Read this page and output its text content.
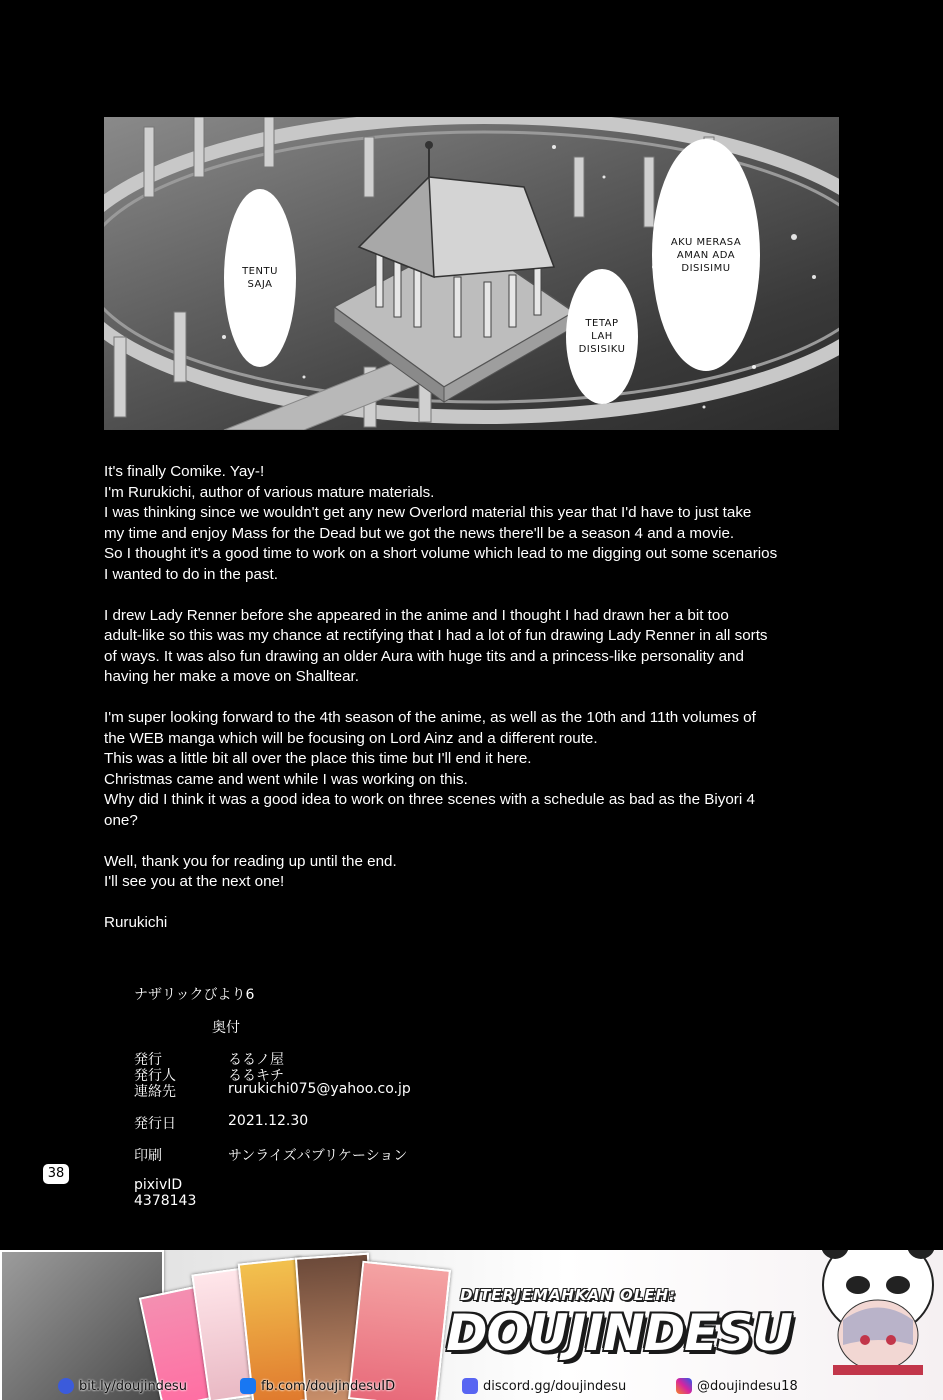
TENTU
SAJA
TETAP
LAH
DISISIKU
AKU MERASA
AMAN ADA
DISISIMU

It's finally Comike. Yay-!

I'm Rurukichi, author of various mature materials.

I was thinking since we wouldn't get any new Overlord material this year that I'd have to just take

my time and enjoy Mass for the Dead but we got the news there'll be a season 4 and a movie.

So I thought it's a good time to work on a short volume which lead to me digging out some scenarios

I wanted to do in the past.

I drew Lady Renner before she appeared in the anime and I thought I had drawn her a bit too

adult-like so this was my chance at rectifying that I had a lot of fun drawing Lady Renner in all sorts

of ways. It was also fun drawing an older Aura with huge tits and a princess-like personality and

having her make a move on Shalltear.

I'm super looking forward to the 4th season of the anime, as well as the 10th and 11th volumes of

the WEB manga which will be focusing on Lord Ainz and a different route.

This was a little bit all over the place this time but I'll end it here.

Christmas came and went while I was working on this.

Why did I think it was a good idea to work on three scenes with a schedule as bad as the Biyori 4

one?

Well, thank you for reading up until the end.

I'll see you at the next one!

Rurukichi

ナザリックびより6
奥付
発行	るるノ屋
発行人	るるキチ
連絡先	rurukichi075@yahoo.co.jp
発行日	2021.12.30
印刷	サンライズパブリケーション
pixivID
4378143
38
DITERJEMAHKAN OLEH:
DOUJINDESU
bit.ly/doujindesu	fb.com/doujindesuID	discord.gg/doujindesu	@doujindesu18
